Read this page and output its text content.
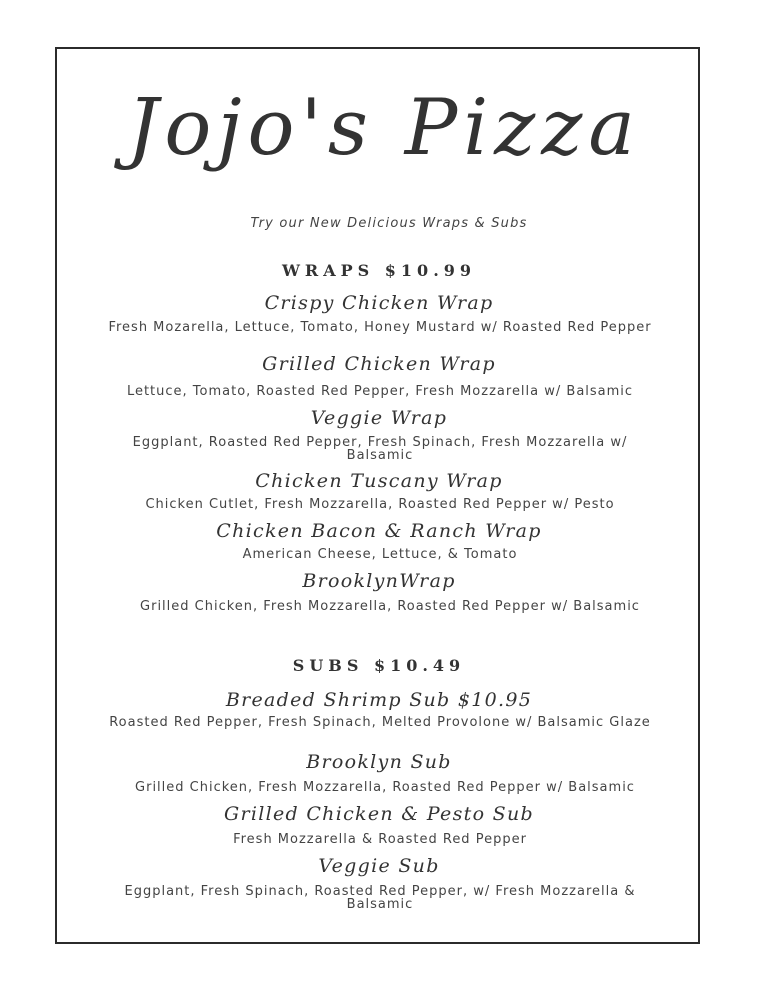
Jojo's Pizza
Try our New Delicious Wraps & Subs
WRAPS $10.99
Crispy Chicken Wrap
Fresh Mozarella, Lettuce, Tomato, Honey Mustard w/ Roasted Red Pepper
Grilled Chicken Wrap
Lettuce, Tomato, Roasted Red Pepper, Fresh Mozzarella w/ Balsamic
Veggie Wrap
Eggplant, Roasted Red Pepper, Fresh Spinach, Fresh Mozzarella w/ Balsamic
Chicken Tuscany Wrap
Chicken Cutlet, Fresh Mozzarella, Roasted Red Pepper w/ Pesto
Chicken Bacon & Ranch Wrap
American Cheese, Lettuce, & Tomato
BrooklynWrap
Grilled Chicken, Fresh Mozzarella, Roasted Red Pepper w/ Balsamic
SUBS $10.49
Breaded Shrimp Sub $10.95
Roasted Red Pepper, Fresh Spinach, Melted Provolone w/ Balsamic Glaze
Brooklyn Sub
Grilled Chicken, Fresh Mozzarella, Roasted Red Pepper w/ Balsamic
Grilled Chicken & Pesto Sub
Fresh Mozzarella & Roasted Red Pepper
Veggie Sub
Eggplant, Fresh Spinach, Roasted Red Pepper, w/ Fresh Mozzarella & Balsamic
